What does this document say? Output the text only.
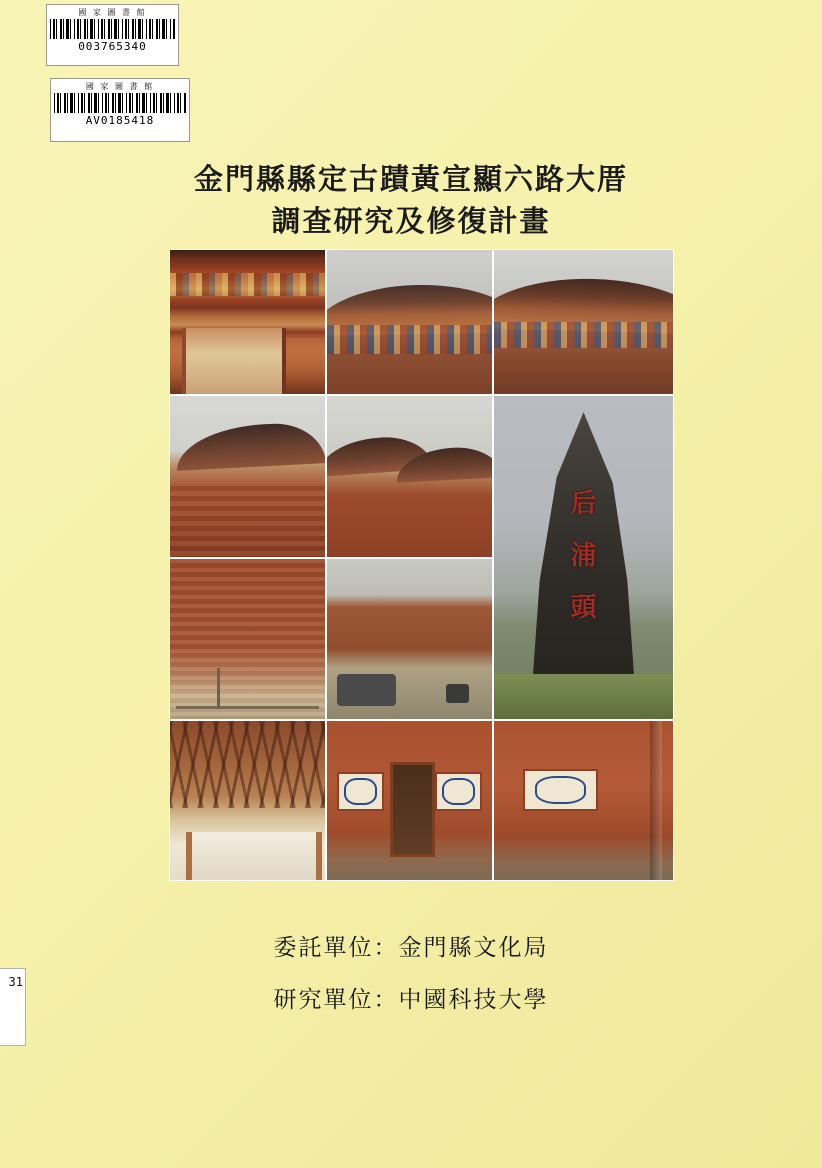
國 家 圖 書 館
003765340
國 家 圖 書 館
AV0185418
31
金門縣縣定古蹟黃宣顯六路大厝
調查研究及修復計畫
后
浦
頭
委託單位：金門縣文化局
研究單位：中國科技大學
